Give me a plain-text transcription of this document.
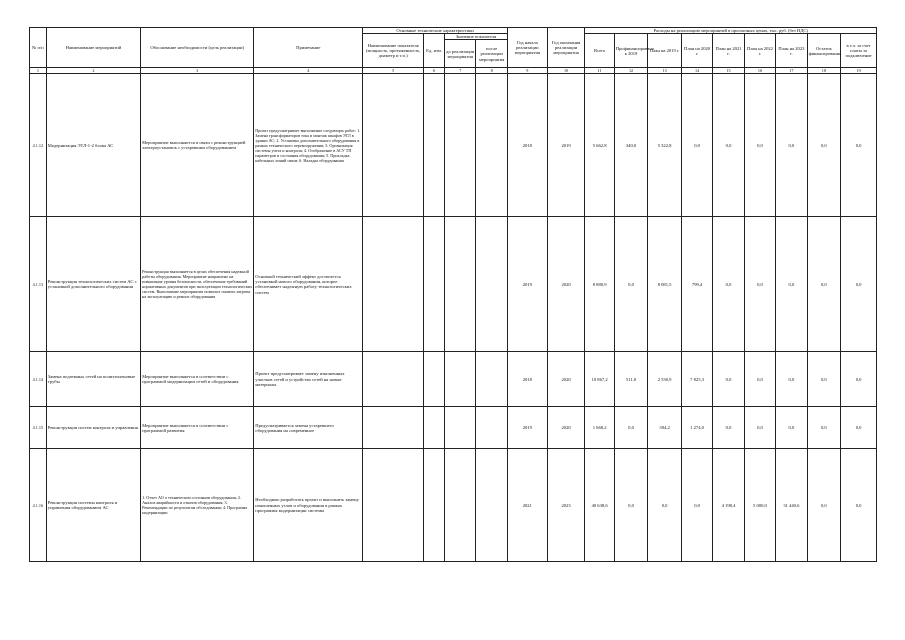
№ п/п	Наименование мероприятий	Обоснование необходимости (цель реализации)	Примечание	Основные технические характеристики				Год начала реализации мероприятия	Год окончания реализации мероприятия	Расходы на реализацию мероприятий в прогнозных ценах, тыс. руб. (без НДС)								
				Наименование показателя (мощность, протяженность, диаметр и т.п.)	Ед. изм.	Значение показателя				Всего	Профинансировано к 2019	План на 2019 г.	План на 2020 г.	План на 2021 г.	План на 2022 г.	План на 2023 г.	Остаток финансирования	в т.ч. за счет платы за подключение
						до реализации мероприятия	после реализации мероприятия											

1	2	3	4	5	6	7	8	9	10	11	12	13	14	15	16	17	18	19
4.1.12	Модернизация ЭТЛ-1-2 блока АС	Мероприятие выполняется в связи с реконструкцией электроустановок с устаревшим оборудованием	Проект предусматривает выполнение следующих работ: 1. Замена трансформаторов тока и монтаж шкафов ЭТЛ в здании АС; 2. Установка дополнительного оборудования в рамках технического перевооружения; 3. Организация системы учета и контроля; 4. Отображение в АСУ ТП параметров и состояния оборудования; 5. Прокладка кабельных линий связи; 6. Наладка оборудования					2018	2019	5 662,8	340,0	5 322,8	0,0	0,0	0,0	0,0	0,0	0,0
4.1.13	Реконструкция технологических систем АС с установкой дополнительного оборудования	Реконструкция выполняется в целях обеспечения надежной работы оборудования. Мероприятие направлено на повышение уровня безопасности, обеспечение требований нормативных документов при эксплуатации технологических систем. Выполнение мероприятия позволит снизить затраты на эксплуатацию и ремонт оборудования	Основной технический эффект достигается установкой нового оборудования, которое обеспечивает надежную работу технологических систем					2019	2020	8 880,9	0,0	8 081,5	799,4	0,0	0,0	0,0	0,0	0,0
4.1.14	Замена подземных сетей на полиэтиленовые трубы	Мероприятие выполняется в соответствии с программой модернизации сетей и оборудования	Проект предусматривает замену изношенных участков сетей и устройство сетей на новые материалы					2018	2020	10 867,2	511,0	2 530,9	7 825,3	0,0	0,0	0,0	0,0	0,0
4.1.15	Реконструкция систем контроля и управления	Мероприятие выполняется в соответствии с программой развития	Предусматривается замена устаревшего оборудования на современное					2019	2020	1 668,2	0,0	394,2	1 274,0	0,0	0,0	0,0	0,0	0,0
4.1.16	Реконструкция системы контроля и управления оборудованием АС	1. Отчет АО о техническом состоянии оборудования; 2. Анализ аварийности и отказов оборудования; 3. Рекомендации по результатам обследования; 4. Программа модернизации	Необходимо разработать проект и выполнить замену изношенных узлов и оборудования в рамках программы модернизации системы					2021	2023	40 638,6	0,0	0,0	0,0	4 198,4	5 000,0	31 440,6	0,0	0,0
